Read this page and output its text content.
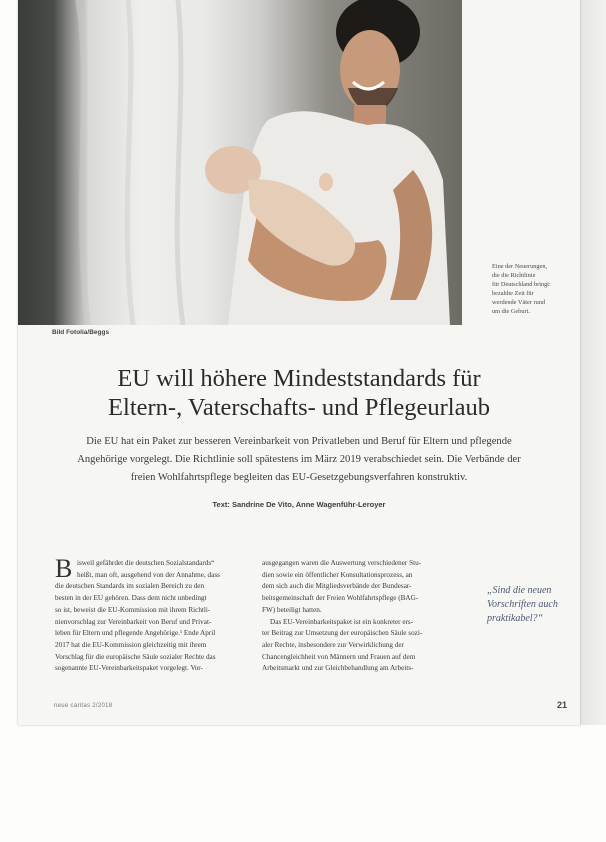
Bild Fotolia/Beggs
Eine der Neuerungen,
die die Richtlinie
für Deutschland bringt:
bezahlte Zeit für
werdende Väter rund
um die Geburt.
EU will höhere Mindeststandards für
Eltern-, Vaterschafts- und Pflegeurlaub
Die EU hat ein Paket zur besseren Vereinbarkeit von Privatleben und Beruf für Eltern und pflegende
Angehörige vorgelegt. Die Richtlinie soll spätestens im März 2019 verabschiedet sein. Die Verbände der
freien Wohlfahrtspflege begleiten das EU-Gesetzgebungsverfahren konstruktiv.
Text: Sandrine De Vito, Anne Wagenführ-Leroyer
B isweil gefährdet die deutschen Sozialstandards“
heißt, man oft, ausgehend von der Annahme, dass
die deutschen Standards im sozialen Bereich zu den
besten in der EU gehören. Dass dem nicht unbedingt
so ist, beweist die EU-Kommission mit ihrem Richtli-
nienvorschlag zur Vereinbarkeit von Beruf und Privat-
leben für Eltern und pflegende Angehörige.¹ Ende April
2017 hat die EU-Kommission gleichzeitig mit ihrem
Vorschlag für die europäische Säule sozialer Rechte das
sogenannte EU-Vereinbarkeitspaket vorgelegt. Vor-
ausgegangen waren die Auswertung verschiedener Stu-
dien sowie ein öffentlicher Konsultationsprozess, an
dem sich auch die Mitgliedsverbände der Bundesar-
beitsgemeinschaft der Freien Wohlfahrtspflege (BAG-
FW) beteiligt hatten.
Das EU-Vereinbarkeitspaket ist ein konkreter ers-
ter Beitrag zur Umsetzung der europäischen Säule sozi-
aler Rechte, insbesondere zur Verwirklichung der
Chancengleichheit von Männern und Frauen auf dem
Arbeitsmarkt und zur Gleichbehandlung am Arbeits-
„Sind die neuen
Vorschriften auch
praktikabel?“
neue caritas 2/2018	21
